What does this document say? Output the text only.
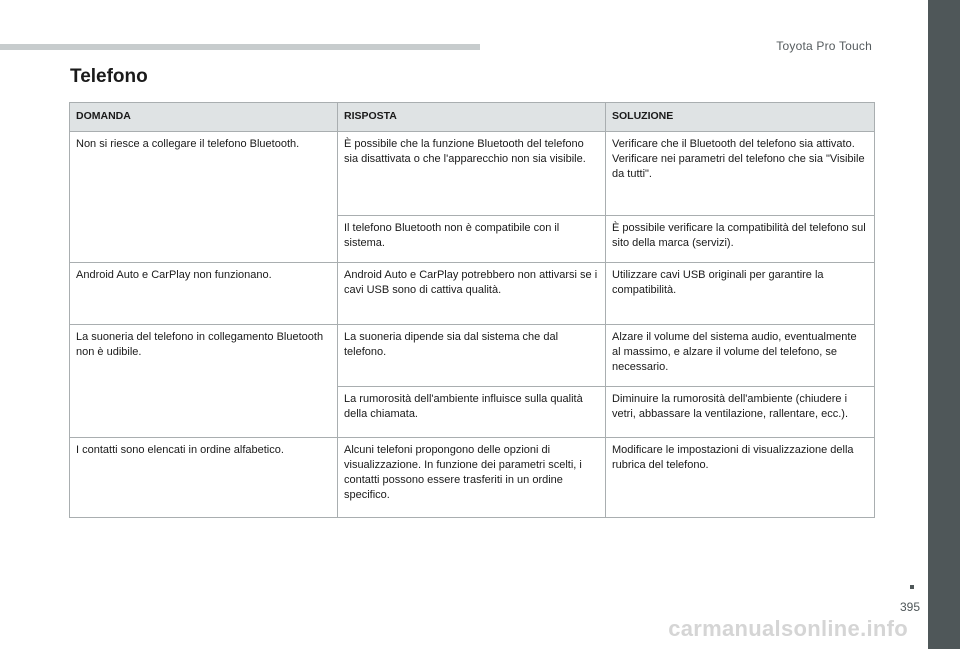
Toyota Pro Touch
Telefono
DOMANDA	RISPOSTA	SOLUZIONE
Non si riesce a collegare il telefono Bluetooth.	È possibile che la funzione Bluetooth del telefono sia disattivata o che l'apparecchio non sia visibile.	Verificare che il Bluetooth del telefono sia attivato.
Verificare nei parametri del telefono che sia "Visibile da tutti".

	Il telefono Bluetooth non è compatibile con il sistema.	È possibile verificare la compatibilità del telefono sul sito della marca (servizi).
Android Auto e CarPlay non funzionano.	Android Auto e CarPlay potrebbero non attivarsi se i cavi USB sono di cattiva qualità.	Utilizzare cavi USB originali per garantire la compatibilità.
La suoneria del telefono in collegamento Bluetooth non è udibile.	La suoneria dipende sia dal sistema che dal telefono.	Alzare il volume del sistema audio, eventualmente al massimo, e alzare il volume del telefono, se necessario.
	La rumorosità dell'ambiente influisce sulla qualità della chiamata.	Diminuire la rumorosità dell'ambiente (chiudere i vetri, abbassare la ventilazione, rallentare, ecc.).
I contatti sono elencati in ordine alfabetico.	Alcuni telefoni propongono delle opzioni di visualizzazione. In funzione dei parametri scelti, i contatti possono essere trasferiti in un ordine specifico.	Modificare le impostazioni di visualizzazione della rubrica del telefono.
395
carmanualsonline.info
